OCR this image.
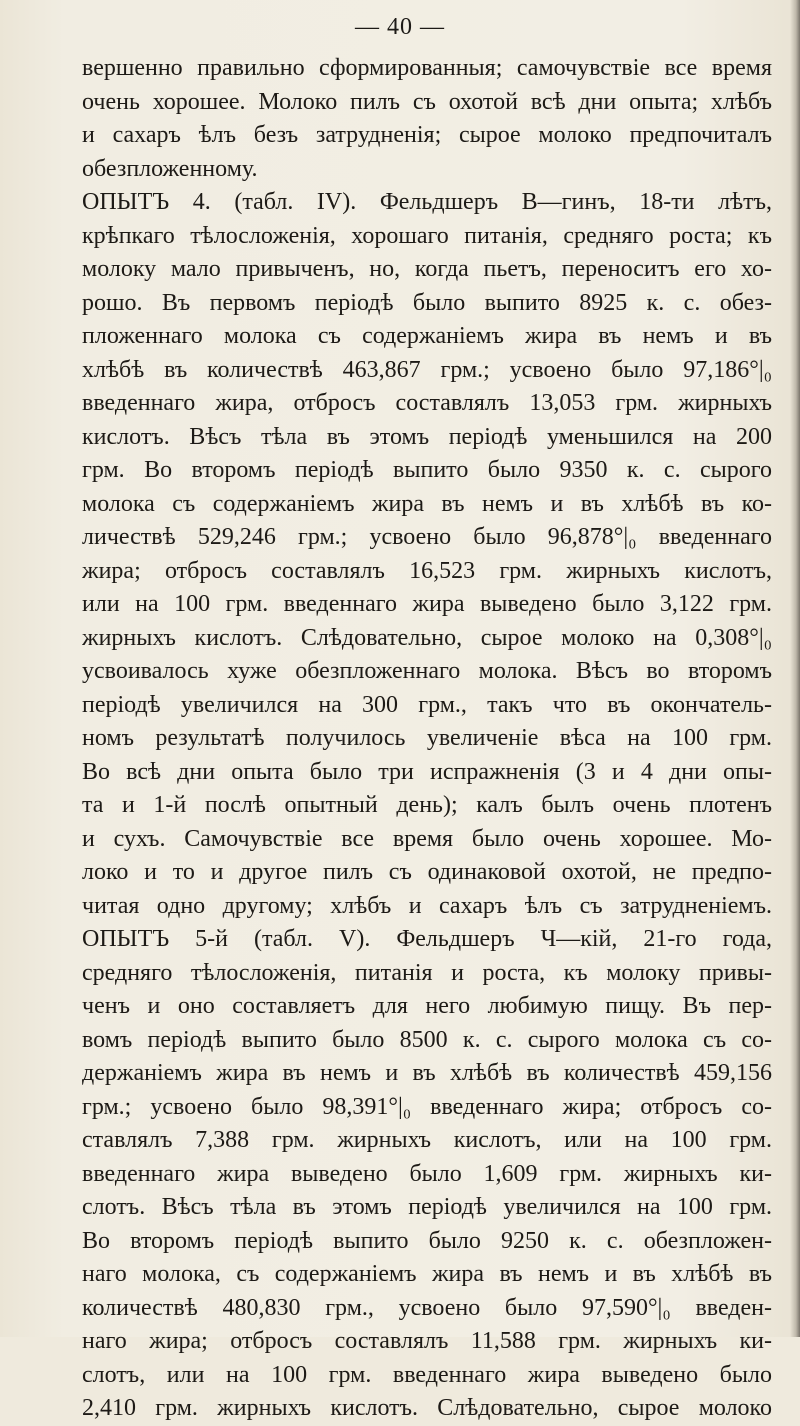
— 40 —
вершенно правильно сформированныя; самочувствіе все время
очень хорошее. Молоко пилъ съ охотой всѣ дни опыта; хлѣбъ
и сахаръ ѣлъ безъ затрудненія; сырое молоко предпочиталъ
обезпложенному.
ОПЫТЪ 4. (табл. IV). Фельдшеръ В—гинъ, 18-ти лѣтъ,
крѣпкаго тѣлосложенія, хорошаго питанія, средняго роста; къ
молоку мало привыченъ, но, когда пьетъ, переноситъ его хо-
рошо. Въ первомъ періодѣ было выпито 8925 к. с. обез-
пложеннаго молока съ содержаніемъ жира въ немъ и въ
хлѣбѣ въ количествѣ 463,867 грм.; усвоено было 97,186°|₀
введеннаго жира, отбросъ составлялъ 13,053 грм. жирныхъ
кислотъ. Вѣсъ тѣла въ этомъ періодѣ уменьшился на 200
грм. Во второмъ періодѣ выпито было 9350 к. с. сырого
молока съ содержаніемъ жира въ немъ и въ хлѣбѣ въ ко-
личествѣ 529,246 грм.; усвоено было 96,878°|₀ введеннаго
жира; отбросъ составлялъ 16,523 грм. жирныхъ кислотъ,
или на 100 грм. введеннаго жира выведено было 3,122 грм.
жирныхъ кислотъ. Слѣдовательно, сырое молоко на 0,308°|₀
усвоивалось хуже обезпложеннаго молока. Вѣсъ во второмъ
періодѣ увеличился на 300 грм., такъ что въ окончатель-
номъ результатѣ получилось увеличеніе вѣса на 100 грм.
Во всѣ дни опыта было три испражненія (3 и 4 дни опы-
та и 1-й послѣ опытный день); калъ былъ очень плотенъ
и сухъ. Самочувствіе все время было очень хорошее. Мо-
локо и то и другое пилъ съ одинаковой охотой, не предпо-
читая одно другому; хлѣбъ и сахаръ ѣлъ съ затрудненіемъ.
ОПЫТЪ 5-й (табл. V). Фельдшеръ Ч—кій, 21-го года,
средняго тѣлосложенія, питанія и роста, къ молоку привы-
ченъ и оно составляетъ для него любимую пищу. Въ пер-
вомъ періодѣ выпито было 8500 к. с. сырого молока съ со-
держаніемъ жира въ немъ и въ хлѣбѣ въ количествѣ 459,156
грм.; усвоено было 98,391°|₀ введеннаго жира; отбросъ со-
ставлялъ 7,388 грм. жирныхъ кислотъ, или на 100 грм.
введеннаго жира выведено было 1,609 грм. жирныхъ ки-
слотъ. Вѣсъ тѣла въ этомъ періодѣ увеличился на 100 грм.
Во второмъ періодѣ выпито было 9250 к. с. обезпложен-
наго молока, съ содержаніемъ жира въ немъ и въ хлѣбѣ въ
количествѣ 480,830 грм., усвоено было 97,590°|₀ введен-
наго жира; отбросъ составлялъ 11,588 грм. жирныхъ ки-
слотъ, или на 100 грм. введеннаго жира выведено было
2,410 грм. жирныхъ кислотъ. Слѣдовательно, сырое молоко
